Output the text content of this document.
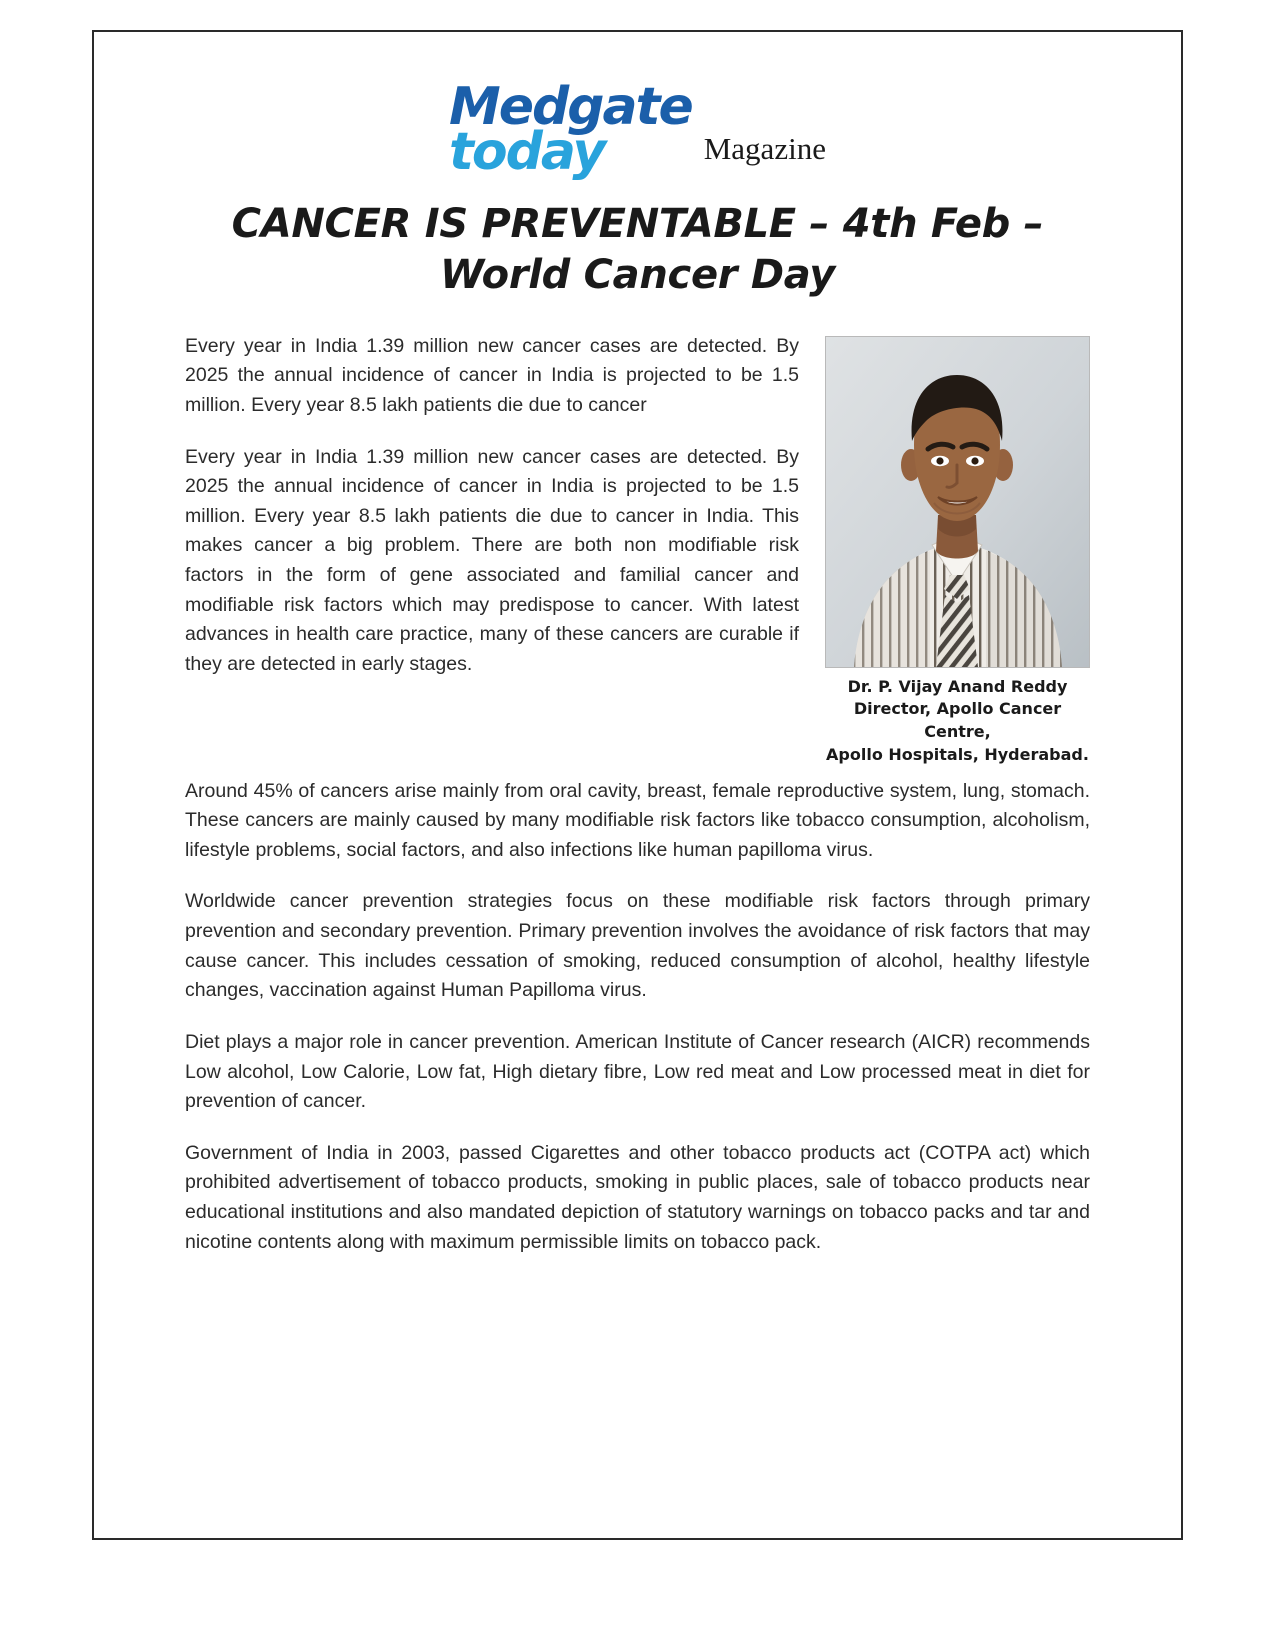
Medgate
today	Magazine
CANCER IS PREVENTABLE – 4th Feb – World Cancer Day
Dr. P. Vijay Anand Reddy
Director, Apollo Cancer Centre,
Apollo Hospitals, Hyderabad.

Every year in India 1.39 million new cancer cases are detected. By 2025 the annual incidence of cancer in India is projected to be 1.5 million. Every year 8.5 lakh patients die due to cancer

Every year in India 1.39 million new cancer cases are detected. By 2025 the annual incidence of cancer in India is projected to be 1.5 million. Every year 8.5 lakh patients die due to cancer in India. This makes cancer a big problem. There are both non modifiable risk factors in the form of gene associated and familial cancer and modifiable risk factors which may predispose to cancer. With latest advances in health care practice, many of these cancers are curable if they are detected in early stages.

Around 45% of cancers arise mainly from oral cavity, breast, female reproductive system, lung, stomach. These cancers are mainly caused by many modifiable risk factors like tobacco consumption, alcoholism, lifestyle problems, social factors, and also infections like human papilloma virus.

Worldwide cancer prevention strategies focus on these modifiable risk factors through primary prevention and secondary prevention. Primary prevention involves the avoidance of risk factors that may cause cancer. This includes cessation of smoking, reduced consumption of alcohol, healthy lifestyle changes, vaccination against Human Papilloma virus.

Diet plays a major role in cancer prevention. American Institute of Cancer research (AICR) recommends Low alcohol, Low Calorie, Low fat, High dietary fibre, Low red meat and Low processed meat in diet for prevention of cancer.

Government of India in 2003, passed Cigarettes and other tobacco products act (COTPA act) which prohibited advertisement of tobacco products, smoking in public places, sale of tobacco products near educational institutions and also mandated depiction of statutory warnings on tobacco packs and tar and nicotine contents along with maximum permissible limits on tobacco pack.
